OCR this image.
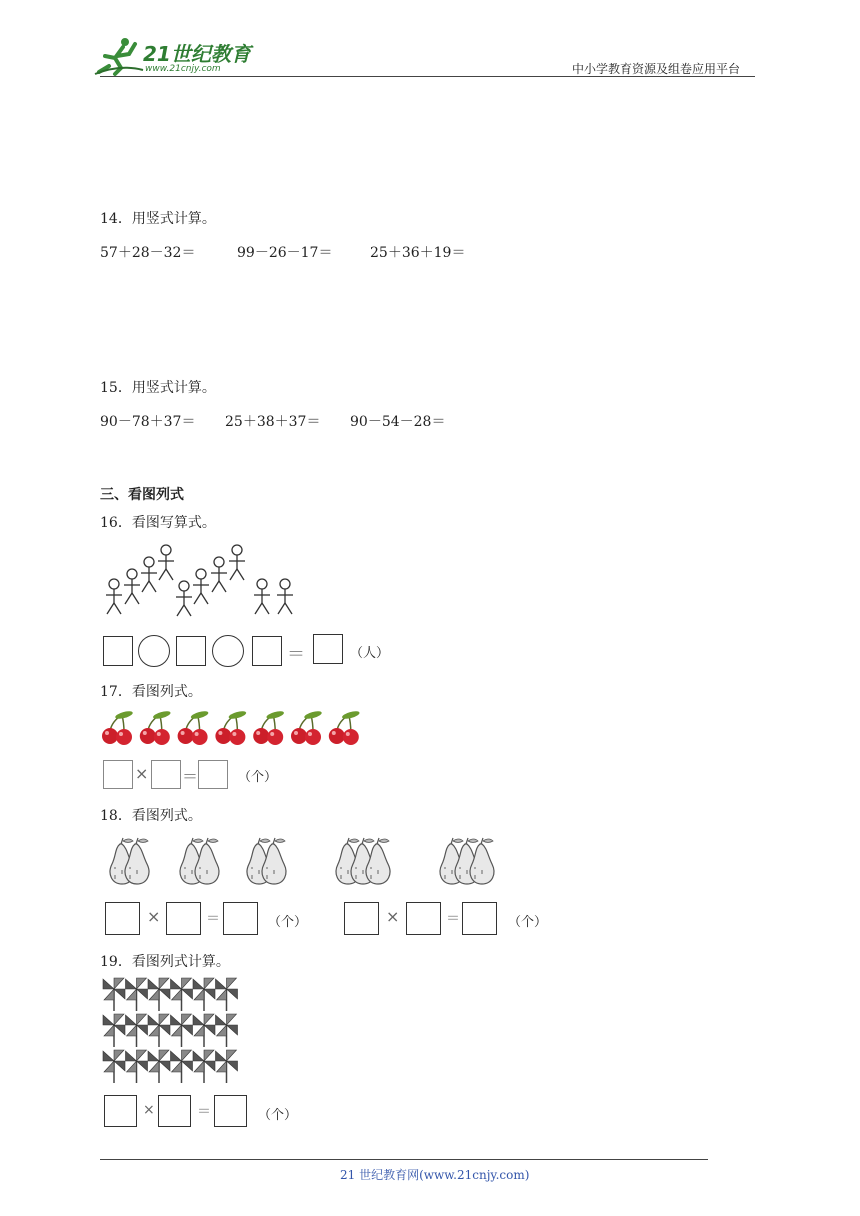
21世纪教育
www.21cnjy.com	中小学教育资源及组卷应用平台
14．用竖式计算。
57＋28－32＝	99－26－17＝	25＋36＋19＝
15．用竖式计算。
90－78＋37＝ 25＋38＋37＝ 90－54－28＝
三、看图列式
16．看图写算式。
＝	（人）
17．看图列式。
× ＝	（个）
18．看图列式。
×	＝	（个）	×	＝	（个）
19．看图列式计算。
×	＝	（个）
21 世纪教育网(www.21cnjy.com)
